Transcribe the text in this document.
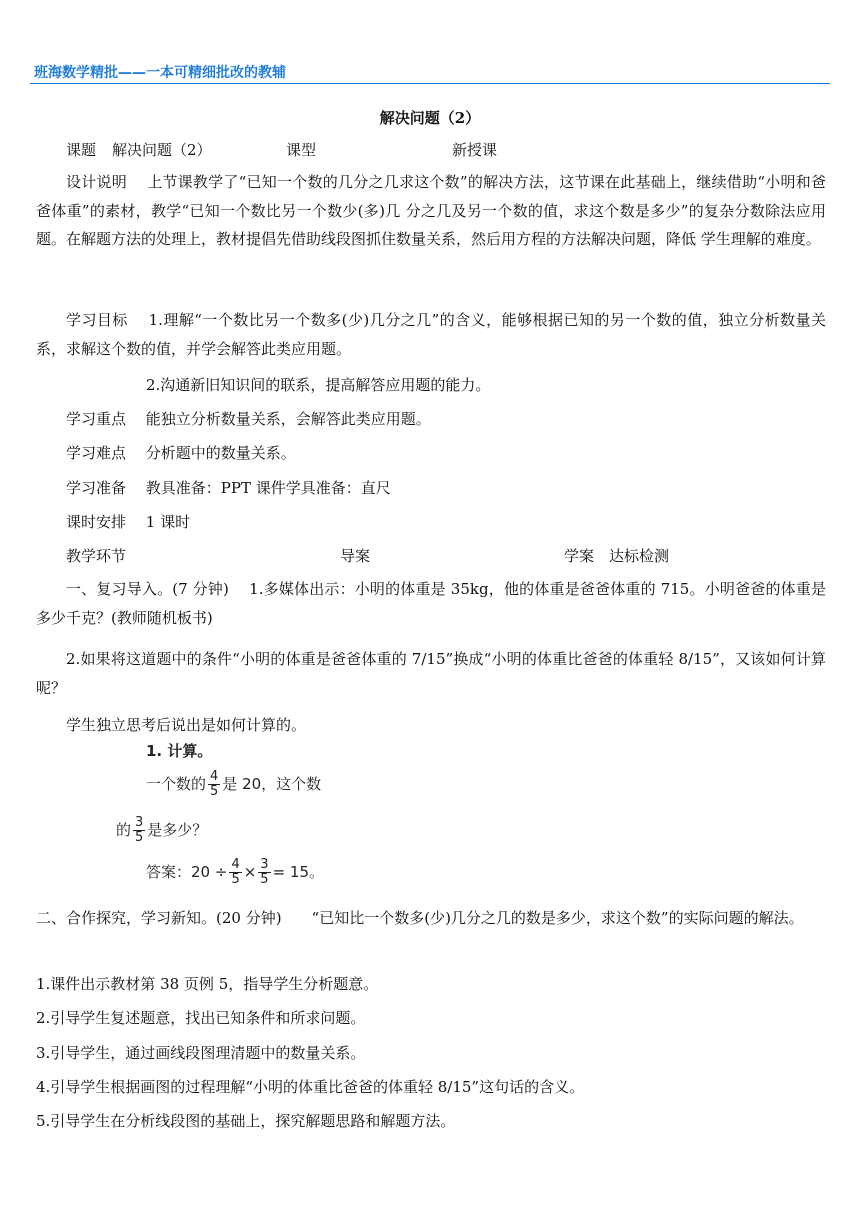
班海数学精批——一本可精细批改的教辅
解决问题（2）
课题 解决问题（2）	课型	新授课
设计说明　 上节课教学了“已知一个数的几分之几求这个数”的解决方法，这节课在此基础上，继续借助“小明和爸爸体重”的素材，教学“已知一个数比另一个数少(多)几 分之几及另一个数的值，求这个数是多少”的复杂分数除法应用题。在解题方法的处理上，教材提倡先借助线段图抓住数量关系，然后用方程的方法解决问题，降低 学生理解的难度。
学习目标　 1.理解“一个数比另一个数多(少)几分之几”的含义，能够根据已知的另一个数的值，独立分析数量关系，求解这个数的值，并学会解答此类应用题。
2.沟通新旧知识间的联系，提高解答应用题的能力。
学习重点　 能独立分析数量关系，会解答此类应用题。
学习难点　 分析题中的数量关系。
学习准备　 教具准备：PPT 课件学具准备：直尺
课时安排　 1 课时
教学环节	导案	学案　达标检测
一、复习导入。(7 分钟)　 1.多媒体出示：小明的体重是 35kg，他的体重是爸爸体重的 715。小明爸爸的体重是多少千克？(教师随机板书)
2.如果将这道题中的条件“小明的体重是爸爸体重的 7/15”换成“小明的体重比爸爸的体重轻 8/15”，又该如何计算呢？
学生独立思考后说出是如何计算的。
1. 计算。
一个数的 $\frac{4}{5}$ 是 20，这个数
的 $\frac{3}{5}$ 是多少？
答案：$20 \div \frac{4}{5} \times \frac{3}{5} = 15$。
二、合作探究，学习新知。(20 分钟)　　“已知比一个数多(少)几分之几的数是多少，求这个数”的实际问题的解法。
1.课件出示教材第 38 页例 5，指导学生分析题意。
2.引导学生复述题意，找出已知条件和所求问题。
3.引导学生，通过画线段图理清题中的数量关系。
4.引导学生根据画图的过程理解“小明的体重比爸爸的体重轻 8/15”这句话的含义。
5.引导学生在分析线段图的基础上，探究解题思路和解题方法。
